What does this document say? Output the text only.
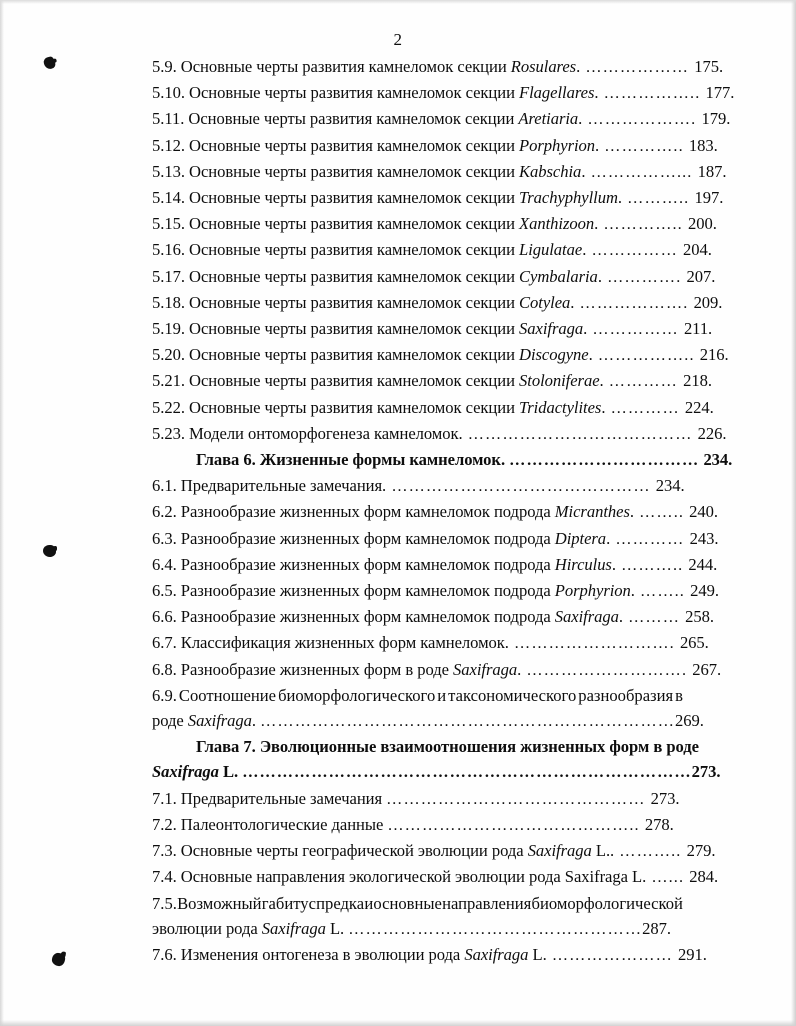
2
5.9. Основные черты развития камнеломок секции Rosulares. ……………… 175.
5.10. Основные черты развития камнеломок секции Flagellares. …………….. 177.
5.11. Основные черты развития камнеломок секции Aretiaria. ………………. 179.
5.12. Основные черты развития камнеломок секции Porphyrion. ………….. 183.
5.13. Основные черты развития камнеломок секции Kabschia. ……………... 187.
5.14. Основные черты развития камнеломок секции Trachyphyllum. ……….. 197.
5.15. Основные черты развития камнеломок секции Xanthizoon. ………….. 200.
5.16. Основные черты развития камнеломок секции Ligulatae. …………… 204.
5.17. Основные черты развития камнеломок секции Cymbalaria. …………. 207.
5.18. Основные черты развития камнеломок секции Cotylea. ………………. 209.
5.19. Основные черты развития камнеломок секции Saxifraga. …………… 211.
5.20. Основные черты развития камнеломок секции Discogyne. …………….. 216.
5.21. Основные черты развития камнеломок секции Stoloniferae. ………… 218.
5.22. Основные черты развития камнеломок секции Tridactylites. ………… 224.
5.23. Модели онтоморфогенеза камнеломок. ………………………………… 226.
Глава 6. Жизненные формы камнеломок. …………………………… 234.
6.1. Предварительные замечания. ……………………………………… 234.
6.2. Разнообразие жизненных форм камнеломок подрода Micranthes. …….. 240.
6.3. Разнообразие жизненных форм камнеломок подрода Diptera. ………… 243.
6.4. Разнообразие жизненных форм камнеломок подрода Hirculus. ……….. 244.
6.5. Разнообразие жизненных форм камнеломок подрода Porphyrion. …….. 249.
6.6. Разнообразие жизненных форм камнеломок подрода Saxifraga. ……… 258.
6.7. Классификация жизненных форм камнеломок. ………………………. 265.
6.8. Разнообразие жизненных форм в роде Saxifraga. ………………………. 267.
6.9. Соотношение биоморфологического и таксономического разнообразия в
роде Saxifraga. ………………………………………………………………269.
Глава 7. Эволюционные взаимоотношения жизненных форм в роде
Saxifraga L. ……………………………………………………………………273.
7.1. Предварительные замечания ……………………………………… 273.
7.2. Палеонтологические данные …………………………………….. 278.
7.3. Основные черты географической эволюции рода Saxifraga L.. ……….. 279.
7.4. Основные направления экологической эволюции рода Saxifraga L. …... 284.
7.5. Возможный габитус предка и основные направления биоморфологической
эволюции рода Saxifraga L. ……………………………………………287.
7.6. Изменения онтогенеза в эволюции рода Saxifraga L. ………………… 291.
